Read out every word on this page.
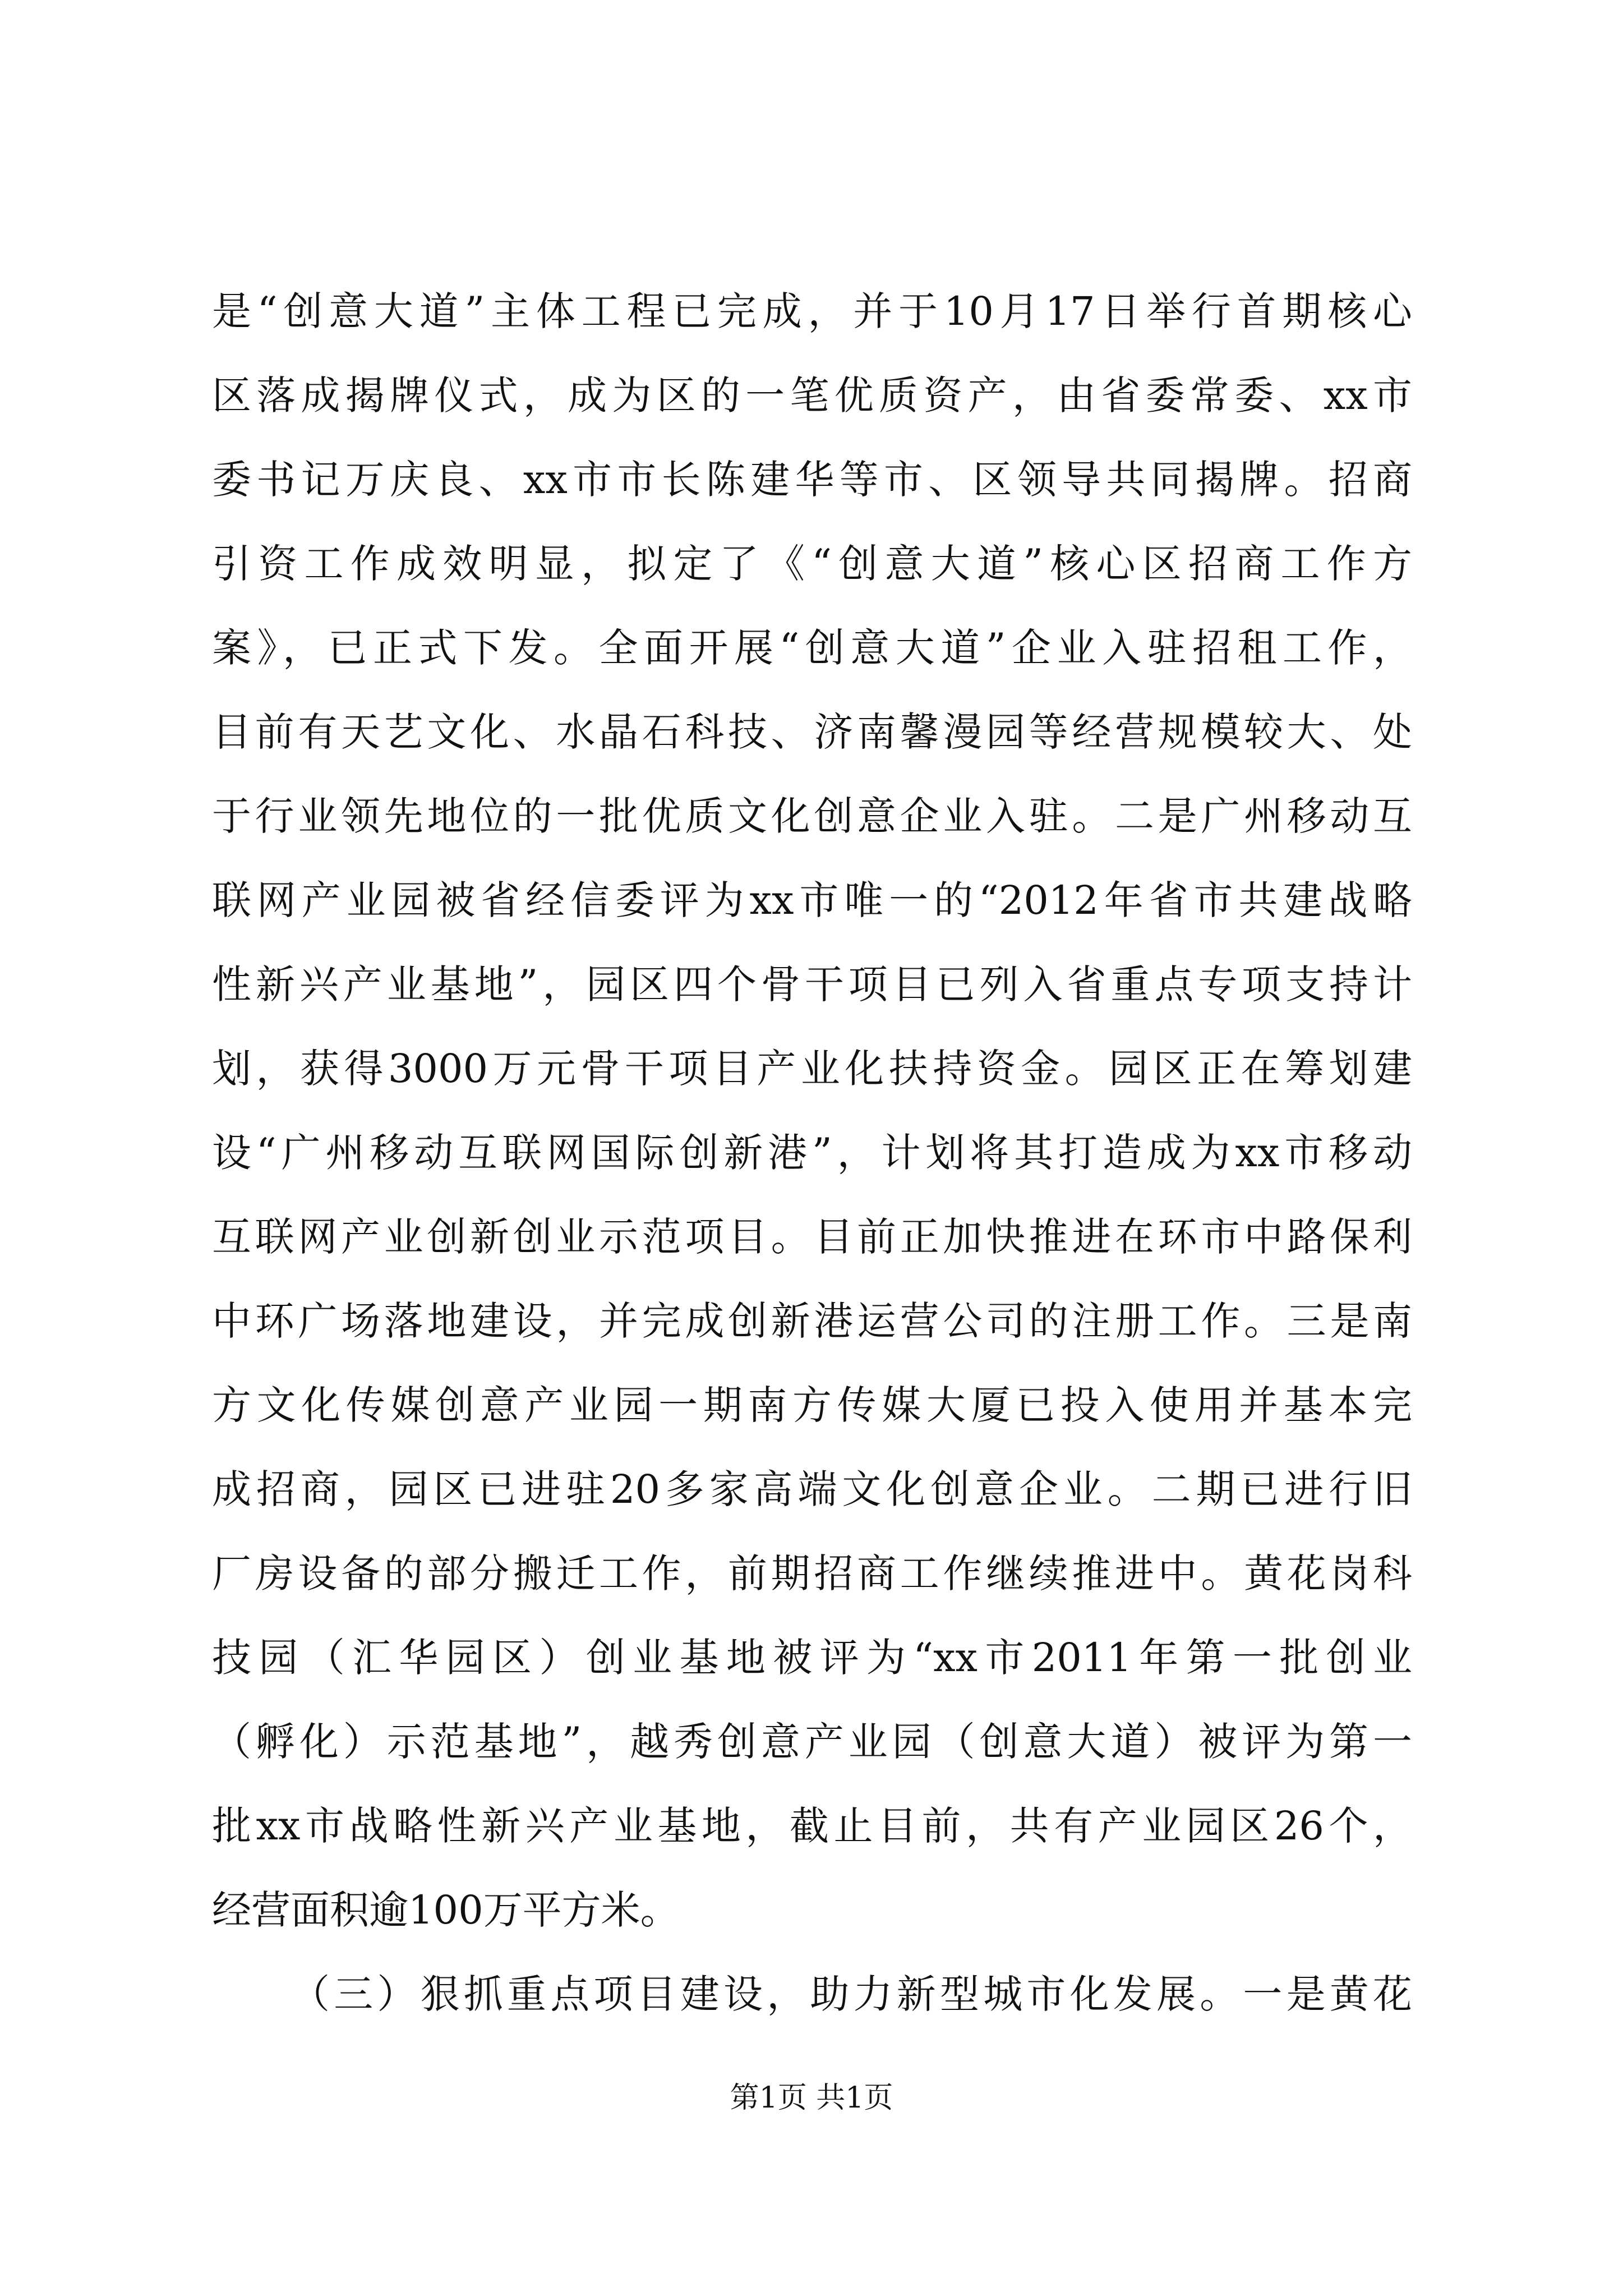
是“创意大道”主体工程已完成，并于10月17日举行首期核心
区落成揭牌仪式，成为区的一笔优质资产，由省委常委、xx市
委书记万庆良、xx市市长陈建华等市、区领导共同揭牌。招商
引资工作成效明显，拟定了《“创意大道”核心区招商工作方
案》，已正式下发。全面开展“创意大道”企业入驻招租工作，
目前有天艺文化、水晶石科技、济南馨漫园等经营规模较大、处
于行业领先地位的一批优质文化创意企业入驻。二是广州移动互
联网产业园被省经信委评为xx市唯一的“2012年省市共建战略
性新兴产业基地”，园区四个骨干项目已列入省重点专项支持计
划，获得3000万元骨干项目产业化扶持资金。园区正在筹划建
设“广州移动互联网国际创新港”，计划将其打造成为xx市移动
互联网产业创新创业示范项目。目前正加快推进在环市中路保利
中环广场落地建设，并完成创新港运营公司的注册工作。三是南
方文化传媒创意产业园一期南方传媒大厦已投入使用并基本完
成招商，园区已进驻20多家高端文化创意企业。二期已进行旧
厂房设备的部分搬迁工作，前期招商工作继续推进中。黄花岗科
技园（汇华园区）创业基地被评为“xx市2011年第一批创业
（孵化）示范基地”，越秀创意产业园（创意大道）被评为第一
批xx市战略性新兴产业基地，截止目前，共有产业园区26个，
经营面积逾100万平方米。
（三）狠抓重点项目建设，助力新型城市化发展。一是黄花
第1页 共1页
